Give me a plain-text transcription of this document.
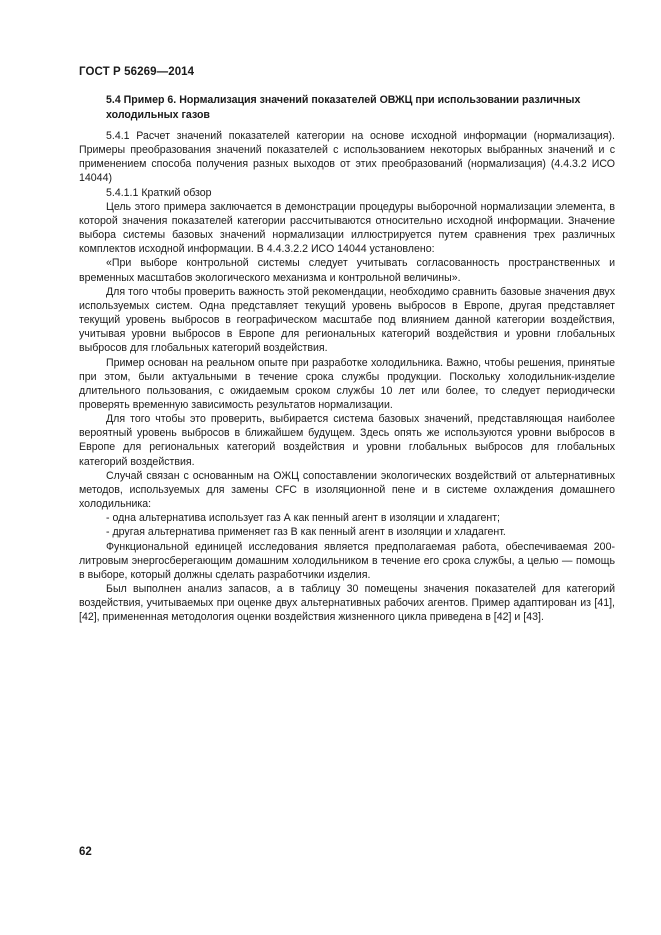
ГОСТ Р 56269—2014

5.4 Пример 6. Нормализация значений показателей ОВЖЦ при использовании различных холодильных газов

5.4.1 Расчет значений показателей категории на основе исходной информации (нормализация). Примеры преобразования значений показателей с использованием некоторых выбранных значений и с применением способа получения разных выходов от этих преобразований (нормализация) (4.4.3.2 ИСО 14044)

5.4.1.1 Краткий обзор

Цель этого примера заключается в демонстрации процедуры выборочной нормализации элемента, в которой значения показателей категории рассчитываются относительно исходной информации. Значение выбора системы базовых значений нормализации иллюстрируется путем сравнения трех различных комплектов исходной информации. В 4.4.3.2.2 ИСО 14044 установлено:

«При выборе контрольной системы следует учитывать согласованность пространственных и временных масштабов экологического механизма и контрольной величины».

Для того чтобы проверить важность этой рекомендации, необходимо сравнить базовые значения двух используемых систем. Одна представляет текущий уровень выбросов в Европе, другая представляет текущий уровень выбросов в географическом масштабе под влиянием данной категории воздействия, учитывая уровни выбросов в Европе для региональных категорий воздействия и уровни глобальных выбросов для глобальных категорий воздействия.

Пример основан на реальном опыте при разработке холодильника. Важно, чтобы решения, принятые при этом, были актуальными в течение срока службы продукции. Поскольку холодильник-изделие длительного пользования, с ожидаемым сроком службы 10 лет или более, то следует периодически проверять временную зависимость результатов нормализации.

Для того чтобы это проверить, выбирается система базовых значений, представляющая наиболее вероятный уровень выбросов в ближайшем будущем. Здесь опять же используются уровни выбросов в Европе для региональных категорий воздействия и уровни глобальных выбросов для глобальных категорий воздействия.

Случай связан с основанным на ОЖЦ сопоставлении экологических воздействий от альтернативных методов, используемых для замены CFC в изоляционной пене и в системе охлаждения домашнего холодильника:

- одна альтернатива использует газ А как пенный агент в изоляции и хладагент;

- другая альтернатива применяет газ В как пенный агент в изоляции и хладагент.

Функциональной единицей исследования является предполагаемая работа, обеспечиваемая 200-литровым энергосберегающим домашним холодильником в течение его срока службы, а целью — помощь в выборе, который должны сделать разработчики изделия.

Был выполнен анализ запасов, а в таблицу 30 помещены значения показателей для категорий воздействия, учитываемых при оценке двух альтернативных рабочих агентов. Пример адаптирован из [41],[42], примененная методология оценки воздействия жизненного цикла приведена в [42] и [43].

62
